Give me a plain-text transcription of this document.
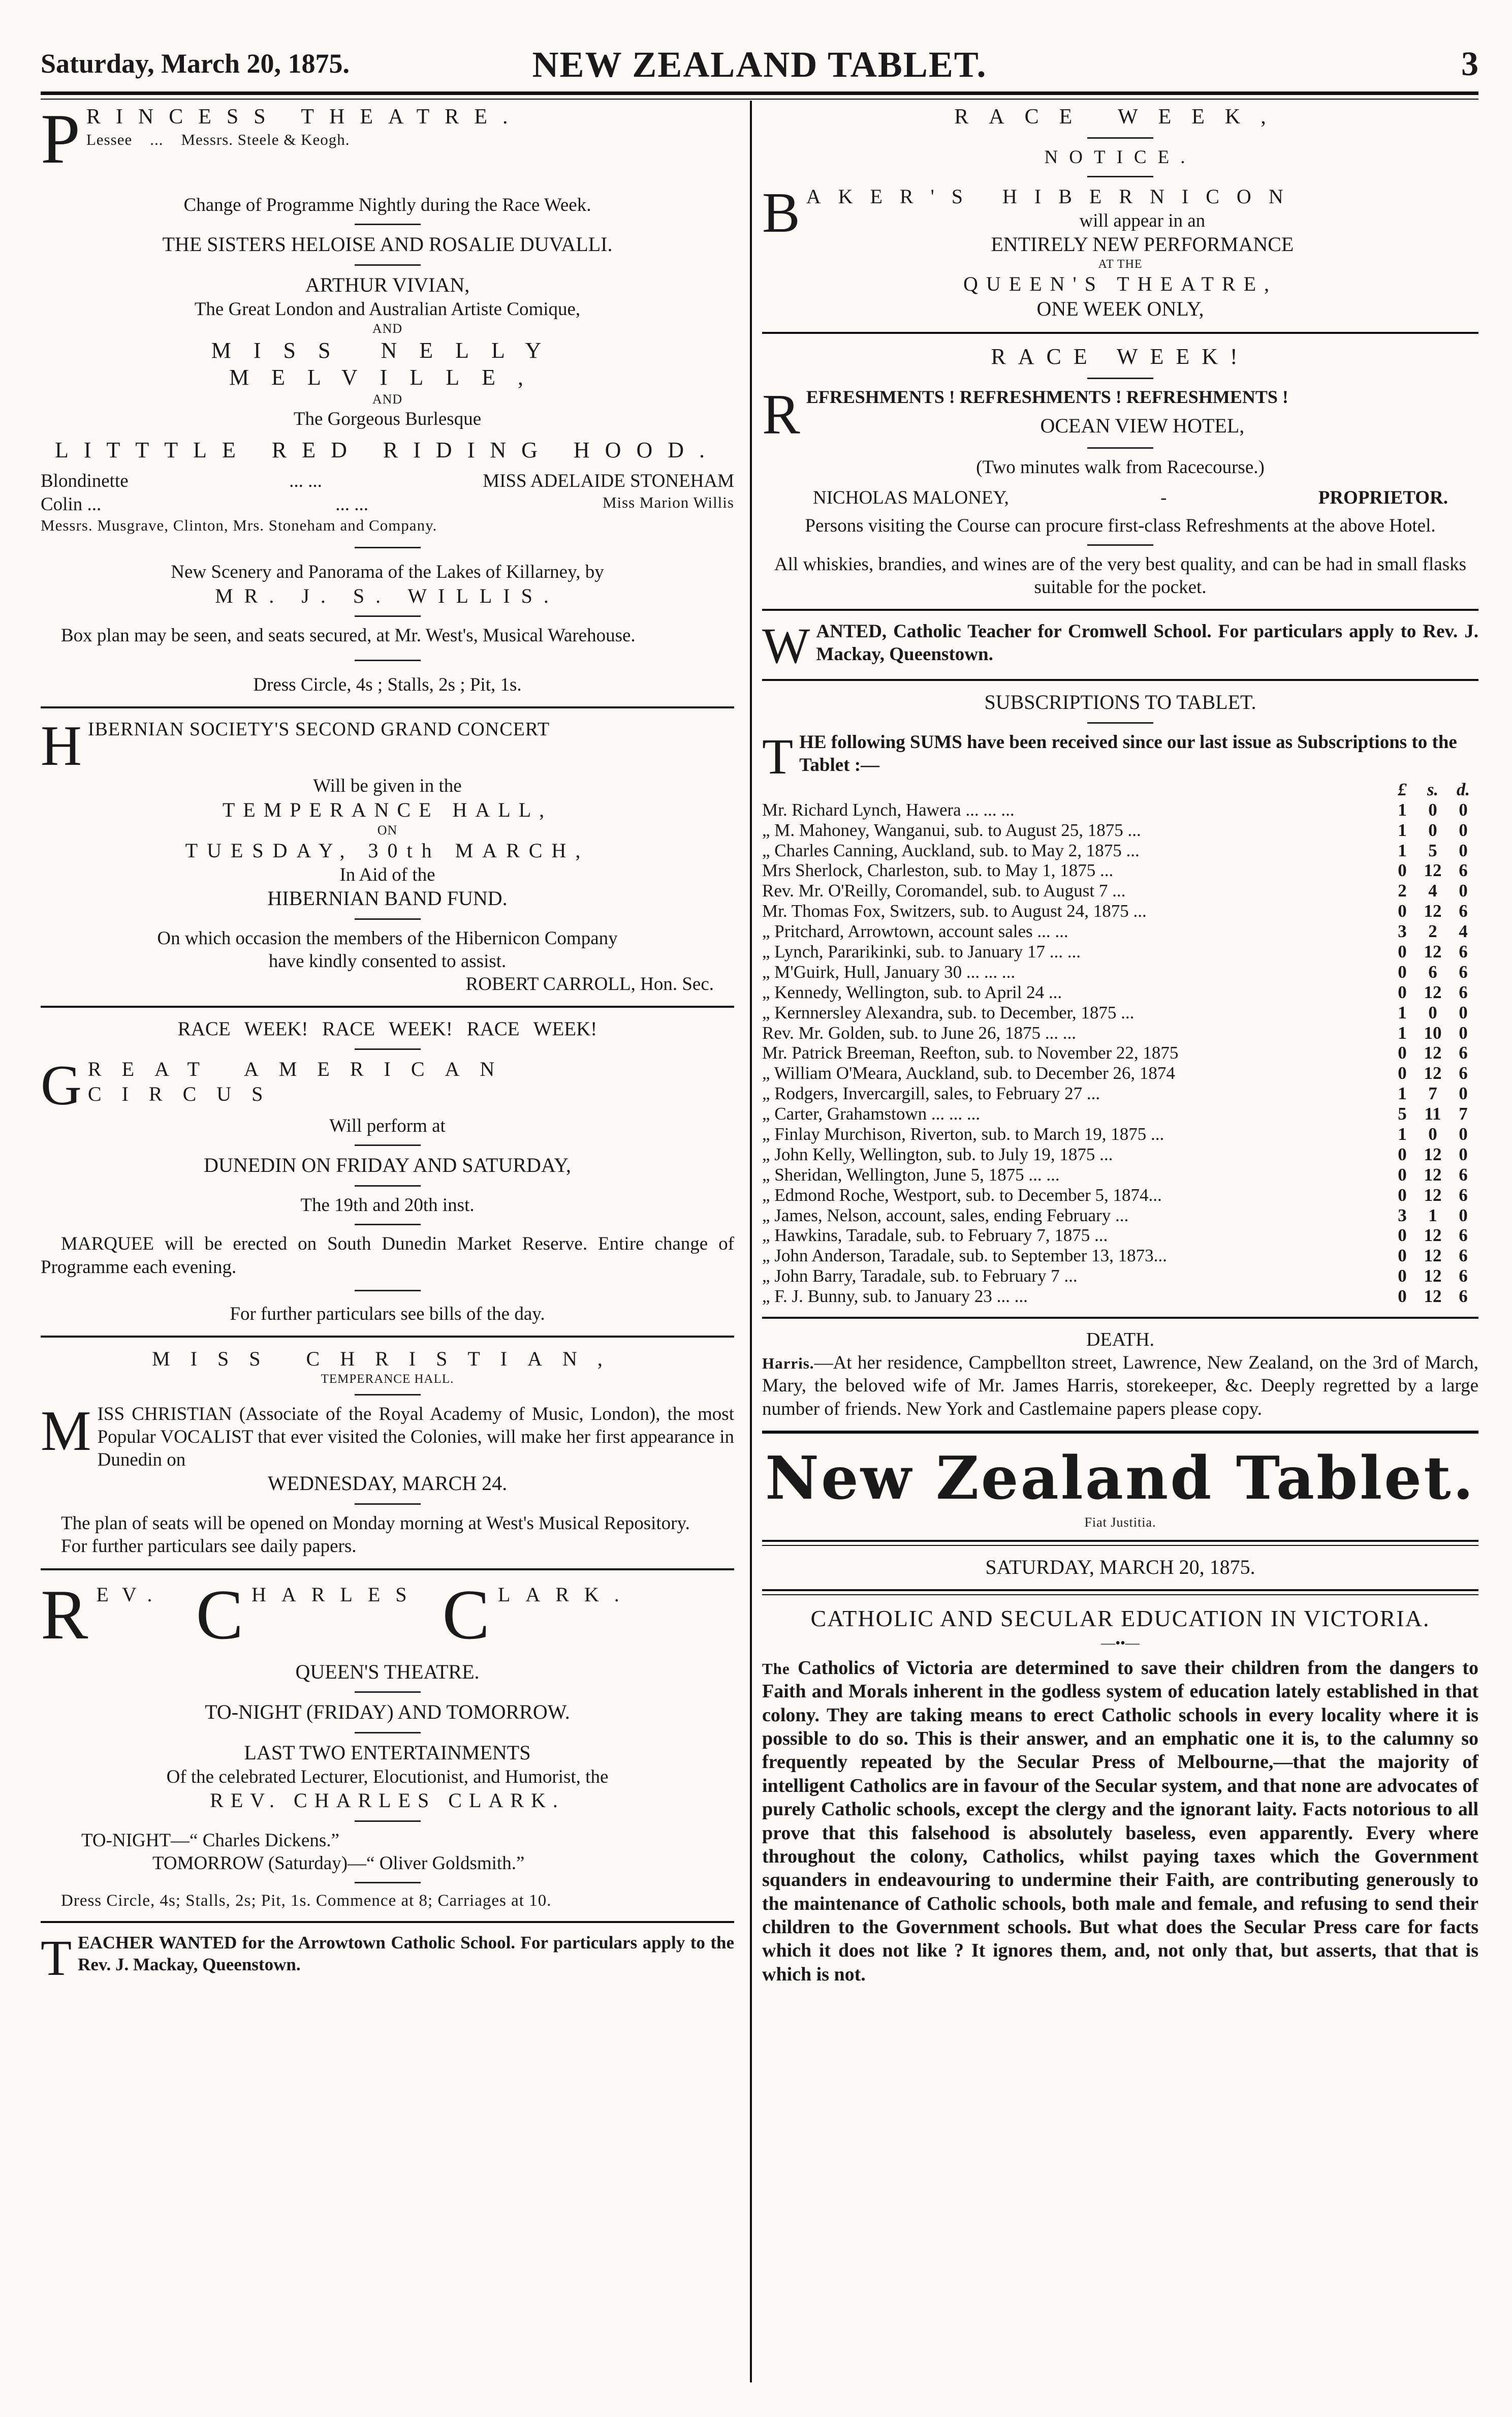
Saturday, March 20, 1875.	NEW ZEALAND TABLET.	3
P RINCESS THEATRE.

Lessee ... Messrs. Steele & Keogh.

Change of Programme Nightly during the Race Week.

THE SISTERS HELOISE AND ROSALIE DUVALLI.

ARTHUR VIVIAN,

The Great London and Australian Artiste Comique,

AND

MISS NELLY MELVILLE,

AND

The Gorgeous Burlesque

LITTTLE RED RIDING HOOD.

Blondinette	... ...	MISS ADELAIDE STONEHAM
Colin ...	... ...	Miss Marion Willis

Messrs. Musgrave, Clinton, Mrs. Stoneham and Company.

New Scenery and Panorama of the Lakes of Killarney, by

MR. J. S. WILLIS.

Box plan may be seen, and seats secured, at Mr. West's, Musical Warehouse.

Dress Circle, 4s ; Stalls, 2s ; Pit, 1s.

H IBERNIAN SOCIETY'S SECOND GRAND CONCERT

Will be given in the

TEMPERANCE HALL,

ON

TUESDAY, 30th MARCH,

In Aid of the

HIBERNIAN BAND FUND.

On which occasion the members of the Hibernicon Company

have kindly consented to assist.

ROBERT CARROLL, Hon. Sec.

RACE WEEK! RACE WEEK! RACE WEEK!

G REAT AMERICAN CIRCUS

Will perform at

DUNEDIN ON FRIDAY AND SATURDAY,

The 19th and 20th inst.

MARQUEE will be erected on South Dunedin Market Reserve. Entire change of Programme each evening.

For further particulars see bills of the day.

MISS CHRISTIAN,

TEMPERANCE HALL.

M ISS CHRISTIAN (Associate of the Royal Academy of Music, London), the most Popular VOCALIST that ever visited the Colonies, will make her first appearance in Dunedin on

WEDNESDAY, MARCH 24.

The plan of seats will be opened on Monday morning at West's Musical Repository.

For further particulars see daily papers.

R EV. C HARLES C LARK.

QUEEN'S THEATRE.

TO-NIGHT (FRIDAY) AND TOMORROW.

LAST TWO ENTERTAINMENTS

Of the celebrated Lecturer, Elocutionist, and Humorist, the

REV. CHARLES CLARK.

TO-NIGHT—“ Charles Dickens.”

TOMORROW (Saturday)—“ Oliver Goldsmith.”

Dress Circle, 4s; Stalls, 2s; Pit, 1s. Commence at 8; Carriages at 10.

T EACHER WANTED for the Arrowtown Catholic School. For particulars apply to the Rev. J. Mackay, Queenstown.

RACE WEEK,

NOTICE.

B AKER'S HIBERNICON

will appear in an

ENTIRELY NEW PERFORMANCE

AT THE

QUEEN'S THEATRE,

ONE WEEK ONLY,

RACE WEEK!

R EFRESHMENTS ! REFRESHMENTS ! REFRESHMENTS !

OCEAN VIEW HOTEL,

(Two minutes walk from Racecourse.)

NICHOLAS MALONEY,	-	PROPRIETOR.

Persons visiting the Course can procure first-class Refreshments at the above Hotel.

All whiskies, brandies, and wines are of the very best quality, and can be had in small flasks suitable for the pocket.

W ANTED, Catholic Teacher for Cromwell School. For particulars apply to Rev. J. Mackay, Queenstown.

SUBSCRIPTIONS TO TABLET.

T HE following SUMS have been received since our last issue as Subscriptions to the Tablet :—

	£	s.	d.
Mr. Richard Lynch, Hawera ... ... ...	1	0	0
„ M. Mahoney, Wanganui, sub. to August 25, 1875 ...	1	0	0
„ Charles Canning, Auckland, sub. to May 2, 1875 ...	1	5	0
Mrs Sherlock, Charleston, sub. to May 1, 1875 ...	0	12	6
Rev. Mr. O'Reilly, Coromandel, sub. to August 7 ...	2	4	0
Mr. Thomas Fox, Switzers, sub. to August 24, 1875 ...	0	12	6
„ Pritchard, Arrowtown, account sales ... ...	3	2	4
„ Lynch, Pararikinki, sub. to January 17 ... ...	0	12	6
„ M'Guirk, Hull, January 30 ... ... ...	0	6	6
„ Kennedy, Wellington, sub. to April 24 ...	0	12	6
„ Kernnersley Alexandra, sub. to December, 1875 ...	1	0	0
Rev. Mr. Golden, sub. to June 26, 1875 ... ...	1	10	0
Mr. Patrick Breeman, Reefton, sub. to November 22, 1875	0	12	6
„ William O'Meara, Auckland, sub. to December 26, 1874	0	12	6
„ Rodgers, Invercargill, sales, to February 27 ...	1	7	0
„ Carter, Grahamstown ... ... ...	5	11	7
„ Finlay Murchison, Riverton, sub. to March 19, 1875 ...	1	0	0
„ John Kelly, Wellington, sub. to July 19, 1875 ...	0	12	0
„ Sheridan, Wellington, June 5, 1875 ... ...	0	12	6
„ Edmond Roche, Westport, sub. to December 5, 1874...	0	12	6
„ James, Nelson, account, sales, ending February ...	3	1	0
„ Hawkins, Taradale, sub. to February 7, 1875 ...	0	12	6
„ John Anderson, Taradale, sub. to September 13, 1873...	0	12	6
„ John Barry, Taradale, sub. to February 7 ...	0	12	6
„ F. J. Bunny, sub. to January 23 ... ...	0	12	6

DEATH.

Harris.—At her residence, Campbellton street, Lawrence, New Zealand, on the 3rd of March, Mary, the beloved wife of Mr. James Harris, storekeeper, &c. Deeply regretted by a large number of friends. New York and Castlemaine papers please copy.

New Zealand Tablet.

Fiat Justitia.

SATURDAY, MARCH 20, 1875.

CATHOLIC AND SECULAR EDUCATION IN VICTORIA.

—••—

The Catholics of Victoria are determined to save their children from the dangers to Faith and Morals inherent in the godless system of education lately established in that colony. They are taking means to erect Catholic schools in every locality where it is possible to do so. This is their answer, and an emphatic one it is, to the calumny so frequently repeated by the Secular Press of Melbourne,—that the majority of intelligent Catholics are in favour of the Secular system, and that none are advocates of purely Catholic schools, except the clergy and the ignorant laity. Facts notorious to all prove that this falsehood is absolutely baseless, even apparently. Every where throughout the colony, Catholics, whilst paying taxes which the Government squanders in endeavouring to undermine their Faith, are contributing generously to the maintenance of Catholic schools, both male and female, and refusing to send their children to the Government schools. But what does the Secular Press care for facts which it does not like ? It ignores them, and, not only that, but asserts, that that is which is not.
